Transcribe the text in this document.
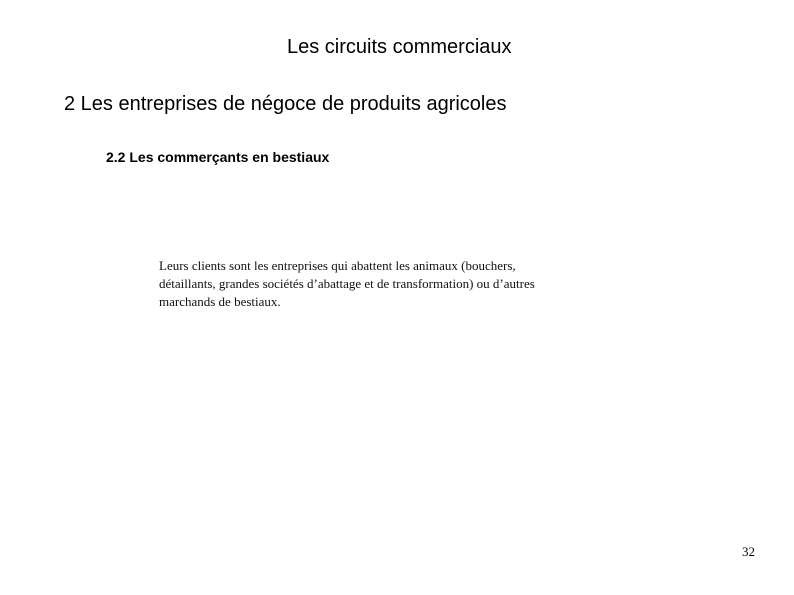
Les circuits commerciaux
2 Les entreprises de négoce de produits agricoles
2.2 Les commerçants en bestiaux
Leurs clients sont les entreprises qui abattent les animaux (bouchers,
détaillants, grandes sociétés d’abattage et de transformation) ou d’autres
marchands de bestiaux.
32
